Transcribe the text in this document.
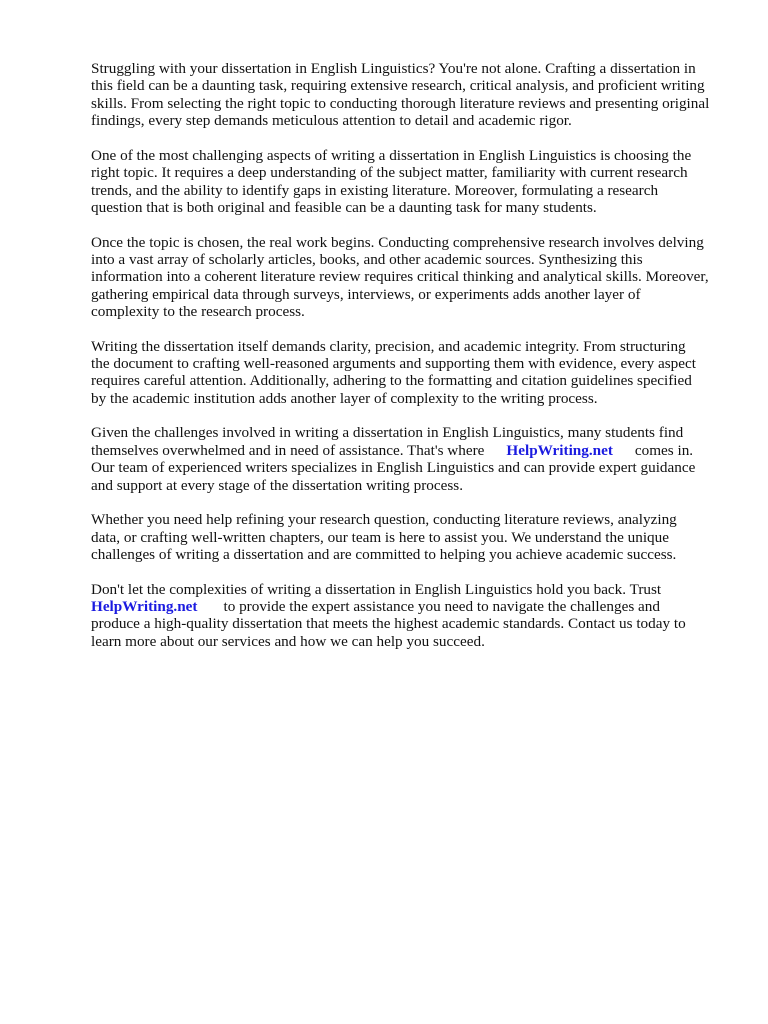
Struggling with your dissertation in English Linguistics? You're not alone. Crafting a dissertation in
this field can be a daunting task, requiring extensive research, critical analysis, and proficient writing
skills. From selecting the right topic to conducting thorough literature reviews and presenting original
findings, every step demands meticulous attention to detail and academic rigor.

One of the most challenging aspects of writing a dissertation in English Linguistics is choosing the
right topic. It requires a deep understanding of the subject matter, familiarity with current research
trends, and the ability to identify gaps in existing literature. Moreover, formulating a research
question that is both original and feasible can be a daunting task for many students.

Once the topic is chosen, the real work begins. Conducting comprehensive research involves delving
into a vast array of scholarly articles, books, and other academic sources. Synthesizing this
information into a coherent literature review requires critical thinking and analytical skills. Moreover,
gathering empirical data through surveys, interviews, or experiments adds another layer of
complexity to the research process.

Writing the dissertation itself demands clarity, precision, and academic integrity. From structuring
the document to crafting well-reasoned arguments and supporting them with evidence, every aspect
requires careful attention. Additionally, adhering to the formatting and citation guidelines specified
by the academic institution adds another layer of complexity to the writing process.

Given the challenges involved in writing a dissertation in English Linguistics, many students find
themselves overwhelmed and in need of assistance. That's where HelpWriting.net comes in.
Our team of experienced writers specializes in English Linguistics and can provide expert guidance
and support at every stage of the dissertation writing process.

Whether you need help refining your research question, conducting literature reviews, analyzing
data, or crafting well-written chapters, our team is here to assist you. We understand the unique
challenges of writing a dissertation and are committed to helping you achieve academic success.

Don't let the complexities of writing a dissertation in English Linguistics hold you back. Trust
HelpWriting.net to provide the expert assistance you need to navigate the challenges and
produce a high-quality dissertation that meets the highest academic standards. Contact us today to
learn more about our services and how we can help you succeed.
